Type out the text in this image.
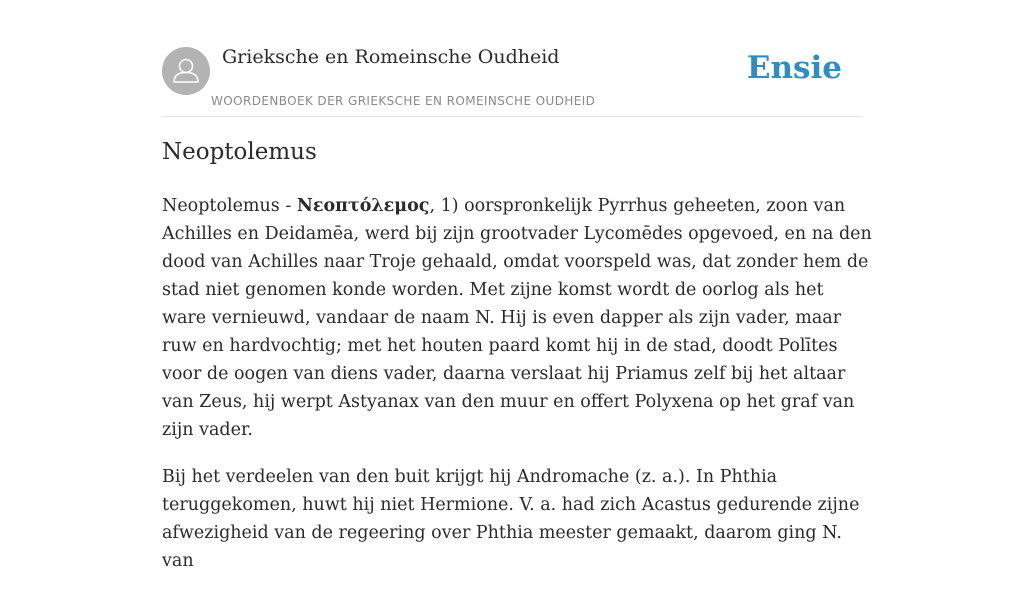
Grieksche en Romeinsche Oudheid
WOORDENBOEK DER GRIEKSCHE EN ROMEINSCHE OUDHEID
Ensie
Neoptolemus

Neoptolemus - Νεοπτόλεμος, 1) oorspronkelijk Pyrrhus geheeten, zoon van Achilles en Deidamēa, werd bij zijn grootvader Lycomēdes opgevoed, en na den dood van Achilles naar Troje gehaald, omdat voorspeld was, dat zonder hem de stad niet genomen konde worden. Met zijne komst wordt de oorlog als het ware vernieuwd, vandaar de naam N. Hij is even dapper als zijn vader, maar ruw en hardvochtig; met het houten paard komt hij in de stad, doodt Polītes voor de oogen van diens vader, daarna verslaat hij Priamus zelf bij het altaar van Zeus, hij werpt Astyanax van den muur en offert Polyxena op het graf van zijn vader.

Bij het verdeelen van den buit krijgt hij Andromache (z. a.). In Phthia teruggekomen, huwt hij niet Hermione. V. a. had zich Acastus gedurende zijne afwezigheid van de regeering over Phthia meester gemaakt, daarom ging N. van
